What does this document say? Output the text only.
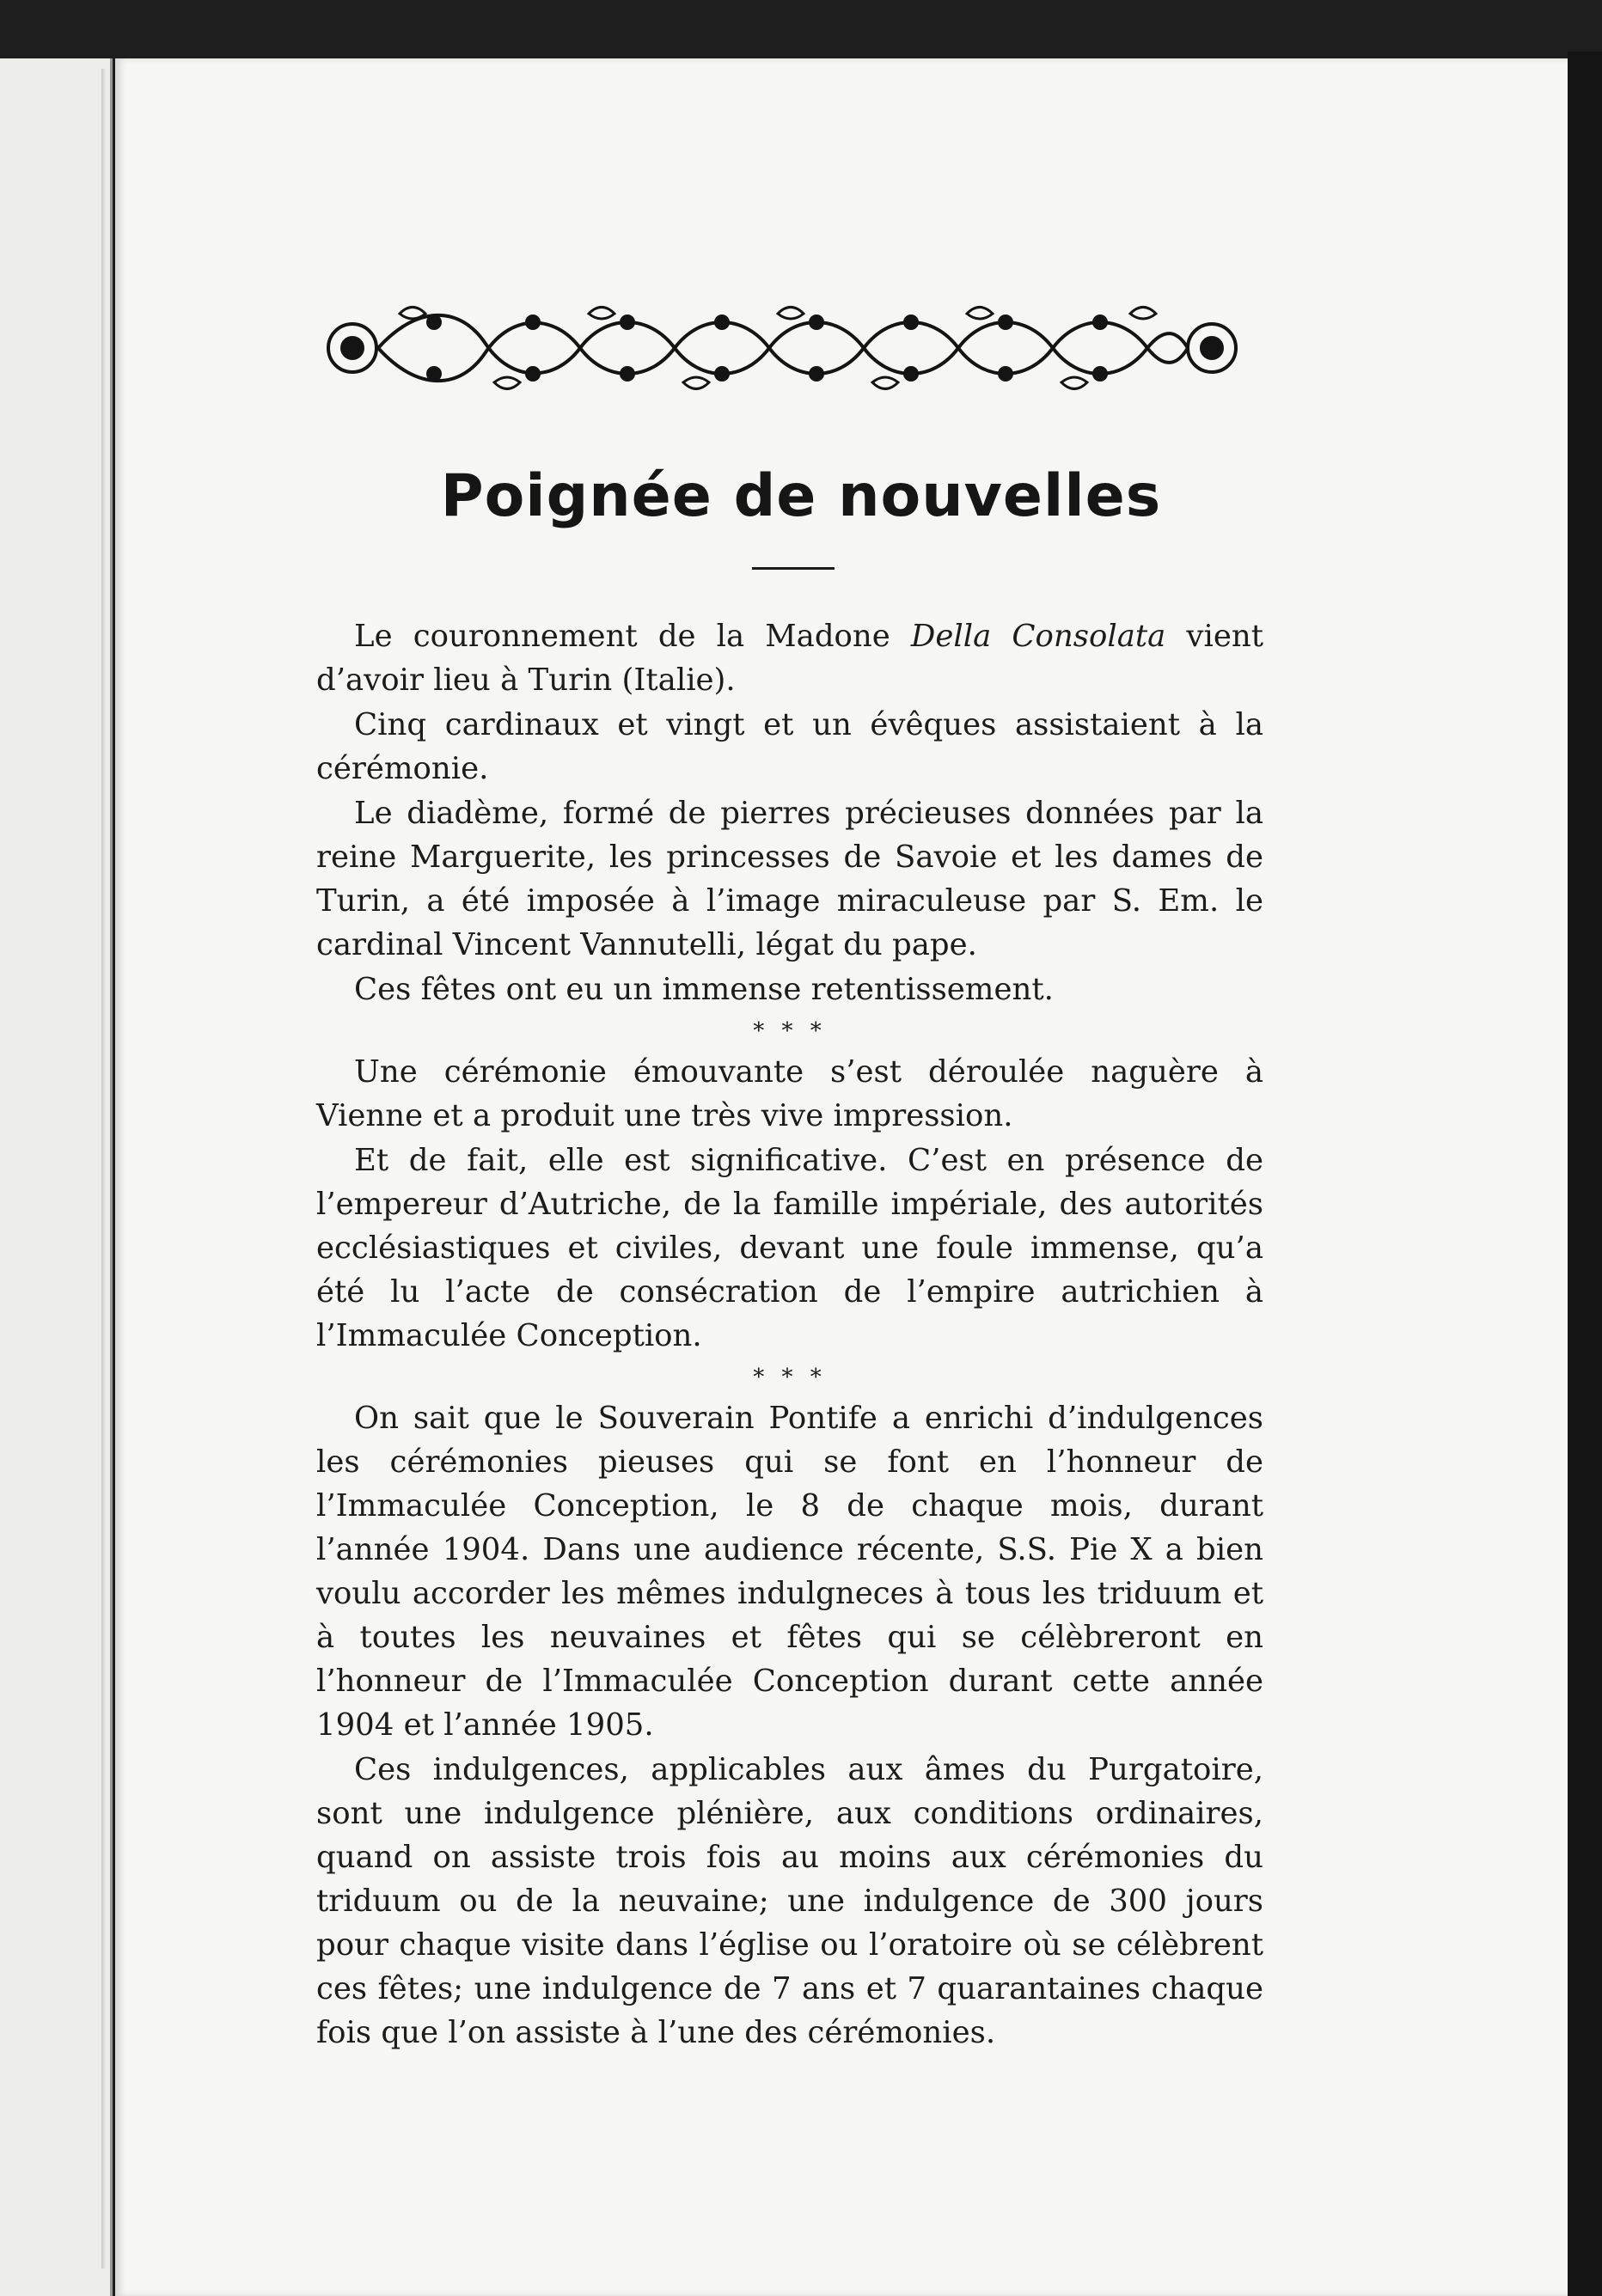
Poignée de nouvelles

Le couronnement de la Madone Della Consolata vient d’avoir lieu à Turin (Italie).

Cinq cardinaux et vingt et un évêques assistaient à la cérémonie.

Le diadème, formé de pierres précieuses données par la reine Marguerite, les princesses de Savoie et les dames de Turin, a été imposée à l’image miraculeuse par S. Em. le cardinal Vincent Vannutelli, légat du pape.

Ces fêtes ont eu un immense retentissement.

* * *

Une cérémonie émouvante s’est déroulée naguère à Vienne et a produit une très vive impression.

Et de fait, elle est significative. C’est en présence de l’empereur d’Autriche, de la famille impériale, des autorités ecclésiastiques et civiles, devant une foule immense, qu’a été lu l’acte de consécration de l’empire autrichien à l’Immaculée Conception.

* * *

On sait que le Souverain Pontife a enrichi d’indulgences les cérémonies pieuses qui se font en l’honneur de l’Immaculée Conception, le 8 de chaque mois, durant l’année 1904. Dans une audience récente, S.S. Pie X a bien voulu accorder les mêmes indulgneces à tous les triduum et à toutes les neuvaines et fêtes qui se célèbreront en l’honneur de l’Immaculée Conception durant cette année 1904 et l’année 1905.

Ces indulgences, applicables aux âmes du Purgatoire, sont une indulgence plénière, aux conditions ordinaires, quand on assiste trois fois au moins aux cérémonies du triduum ou de la neuvaine; une indulgence de 300 jours pour chaque visite dans l’église ou l’oratoire où se célèbrent ces fêtes; une indulgence de 7 ans et 7 quarantaines chaque fois que l’on assiste à l’une des cérémonies.
